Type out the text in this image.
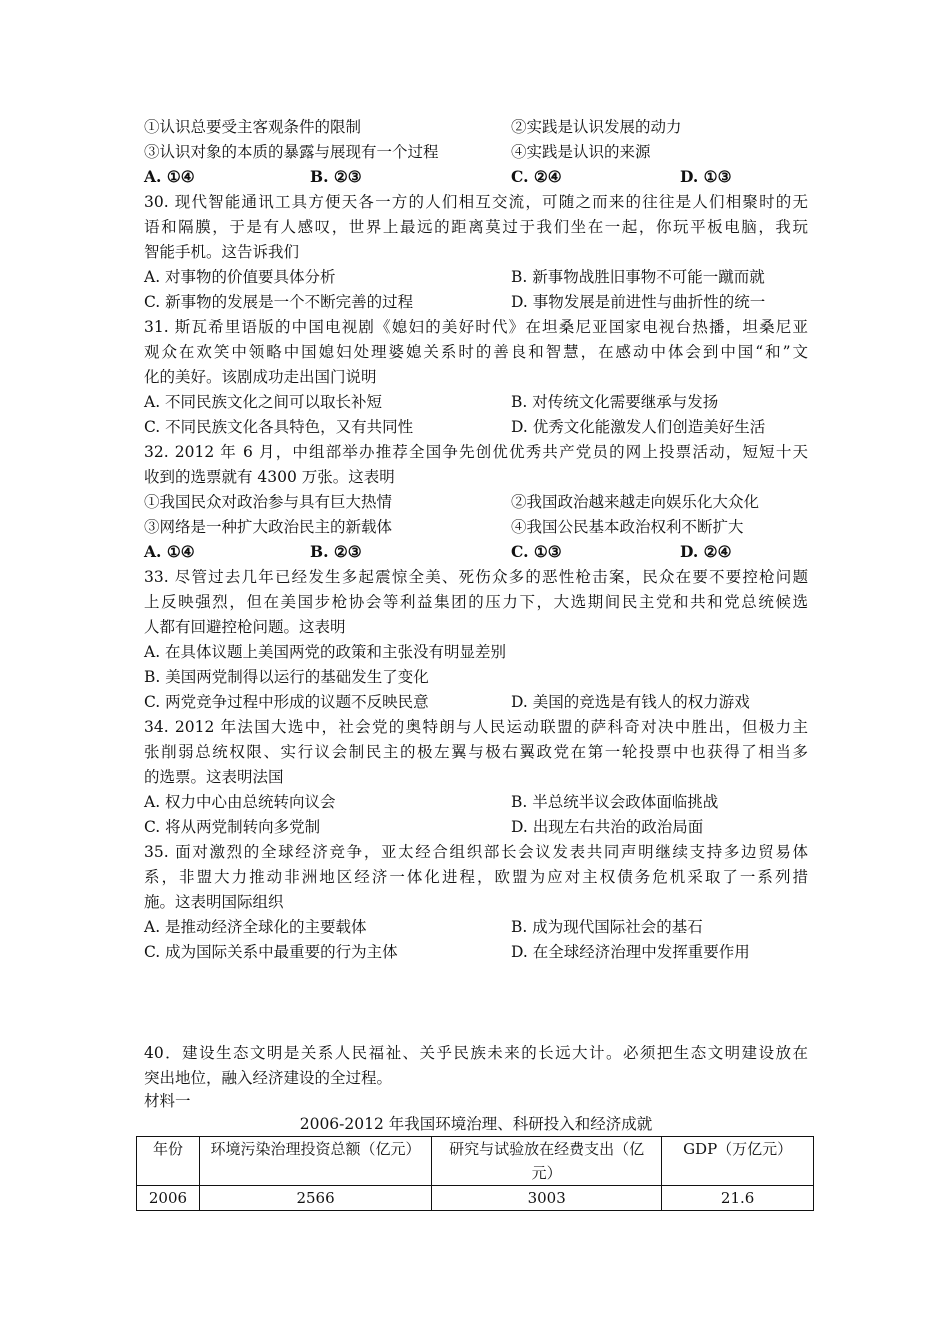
①认识总要受主客观条件的限制	②实践是认识发展的动力
③认识对象的本质的暴露与展现有一个过程	④实践是认识的来源
A. ①④	B. ②③	C. ②④	D. ①③
30. 现代智能通讯工具方便天各一方的人们相互交流，可随之而来的往往是人们相聚时的无
语和隔膜，于是有人感叹，世界上最远的距离莫过于我们坐在一起，你玩平板电脑，我玩
智能手机。这告诉我们
A. 对事物的价值要具体分析	B. 新事物战胜旧事物不可能一蹴而就
C. 新事物的发展是一个不断完善的过程	D. 事物发展是前进性与曲折性的统一
31. 斯瓦希里语版的中国电视剧《媳妇的美好时代》在坦桑尼亚国家电视台热播，坦桑尼亚
观众在欢笑中领略中国媳妇处理婆媳关系时的善良和智慧，在感动中体会到中国“和”文
化的美好。该剧成功走出国门说明
A. 不同民族文化之间可以取长补短	B. 对传统文化需要继承与发扬
C. 不同民族文化各具特色，又有共同性	D. 优秀文化能激发人们创造美好生活
32. 2012 年 6 月，中组部举办推荐全国争先创优优秀共产党员的网上投票活动，短短十天
收到的选票就有 4300 万张。这表明
①我国民众对政治参与具有巨大热情	②我国政治越来越走向娱乐化大众化
③网络是一种扩大政治民主的新载体	④我国公民基本政治权利不断扩大
A. ①④	B. ②③	C. ①③	D. ②④
33. 尽管过去几年已经发生多起震惊全美、死伤众多的恶性枪击案，民众在要不要控枪问题
上反映强烈，但在美国步枪协会等利益集团的压力下，大选期间民主党和共和党总统候选
人都有回避控枪问题。这表明
A. 在具体议题上美国两党的政策和主张没有明显差别
B. 美国两党制得以运行的基础发生了变化
C. 两党竞争过程中形成的议题不反映民意	D. 美国的竞选是有钱人的权力游戏
34. 2012 年法国大选中，社会党的奥特朗与人民运动联盟的萨科奇对决中胜出，但极力主
张削弱总统权限、实行议会制民主的极左翼与极右翼政党在第一轮投票中也获得了相当多
的选票。这表明法国
A. 权力中心由总统转向议会	B. 半总统半议会政体面临挑战
C. 将从两党制转向多党制	D. 出现左右共治的政治局面
35. 面对激烈的全球经济竞争，亚太经合组织部长会议发表共同声明继续支持多边贸易体
系，非盟大力推动非洲地区经济一体化进程，欧盟为应对主权债务危机采取了一系列措
施。这表明国际组织
A. 是推动经济全球化的主要载体	B. 成为现代国际社会的基石
C. 成为国际关系中最重要的行为主体	D. 在全球经济治理中发挥重要作用
40．建设生态文明是关系人民福祉、关乎民族未来的长远大计。必须把生态文明建设放在
突出地位，融入经济建设的全过程。
材料一
2006-2012 年我国环境治理、科研投入和经济成就
年份	环境污染治理投资总额（亿元）	研究与试验放在经费支出（亿元）	GDP（万亿元）
2006	2566	3003	21.6
